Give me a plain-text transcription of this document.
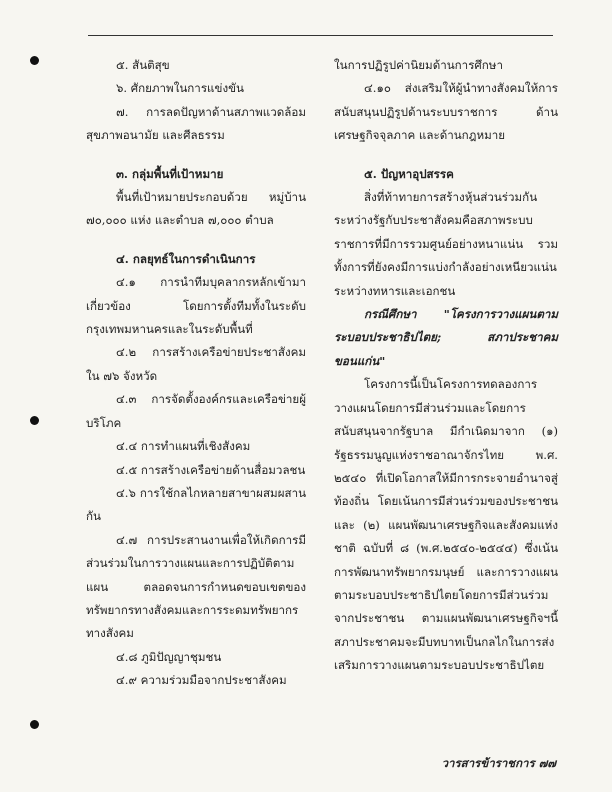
๕. สันติสุข

๖. ศักยภาพในการแข่งขัน

๗. การลดปัญหาด้านสภาพแวดล้อม สุขภาพอนามัย และศีลธรรม

๓. กลุ่มพื้นที่เป้าหมาย

พื้นที่เป้าหมายประกอบด้วย หมู่บ้าน ๗๐,๐๐๐ แห่ง และตำบล ๗,๐๐๐ ตำบล

๔. กลยุทธ์ในการดำเนินการ

๔.๑ การนำทีมบุคลากรหลักเข้ามาเกี่ยวข้อง โดยการตั้งทีมทั้งในระดับกรุงเทพมหานครและในระดับพื้นที่

๔.๒ การสร้างเครือข่ายประชาสังคมใน ๗๖ จังหวัด

๔.๓ การจัดตั้งองค์กรและเครือข่ายผู้บริโภค

๔.๔ การทำแผนที่เชิงสังคม

๔.๕ การสร้างเครือข่ายด้านสื่อมวลชน

๔.๖ การใช้กลไกหลายสาขาผสมผสานกัน

๔.๗ การประสานงานเพื่อให้เกิดการมีส่วนร่วมในการวางแผนและการปฏิบัติตามแผน ตลอดจนการกำหนดขอบเขตของทรัพยากรทางสังคมและการระดมทรัพยากรทางสังคม

๔.๘ ภูมิปัญญาชุมชน

๔.๙ ความร่วมมือจากประชาสังคม

ในการปฏิรูปค่านิยมด้านการศึกษา

๔.๑๐ ส่งเสริมให้ผู้นำทางสังคมให้การสนับสนุนปฏิรูปด้านระบบราชการ ด้านเศรษฐกิจจุลภาค และด้านกฎหมาย

๕. ปัญหาอุปสรรค

สิ่งที่ท้าทายการสร้างหุ้นส่วนร่วมกันระหว่างรัฐกับประชาสังคมคือสภาพระบบราชการที่มีการรวมศูนย์อย่างหนาแน่น รวมทั้งการที่ยังคงมีการแบ่งกำลังอย่างเหนียวแน่นระหว่างทหารและเอกชน

กรณีศึกษา "โครงการวางแผนตามระบอบประชาธิปไตย; สภาประชาคมขอนแก่น"

โครงการนี้เป็นโครงการทดลองการวางแผนโดยการมีส่วนร่วมและโดยการสนับสนุนจากรัฐบาล มีกำเนิดมาจาก (๑) รัฐธรรมนูญแห่งราชอาณาจักรไทย พ.ศ. ๒๕๔๐ ที่เปิดโอกาสให้มีการกระจายอำนาจสู่ท้องถิ่น โดยเน้นการมีส่วนร่วมของประชาชน และ (๒) แผนพัฒนาเศรษฐกิจและสังคมแห่งชาติ ฉบับที่ ๘ (พ.ศ.๒๕๔๐-๒๕๔๔) ซึ่งเน้นการพัฒนาทรัพยากรมนุษย์ และการวางแผนตามระบอบประชาธิปไตยโดยการมีส่วนร่วมจากประชาชน ตามแผนพัฒนาเศรษฐกิจฯนี้ สภาประชาคมจะมีบทบาทเป็นกลไกในการส่งเสริมการวางแผนตามระบอบประชาธิปไตย

วารสารข้าราชการ ๗๗
